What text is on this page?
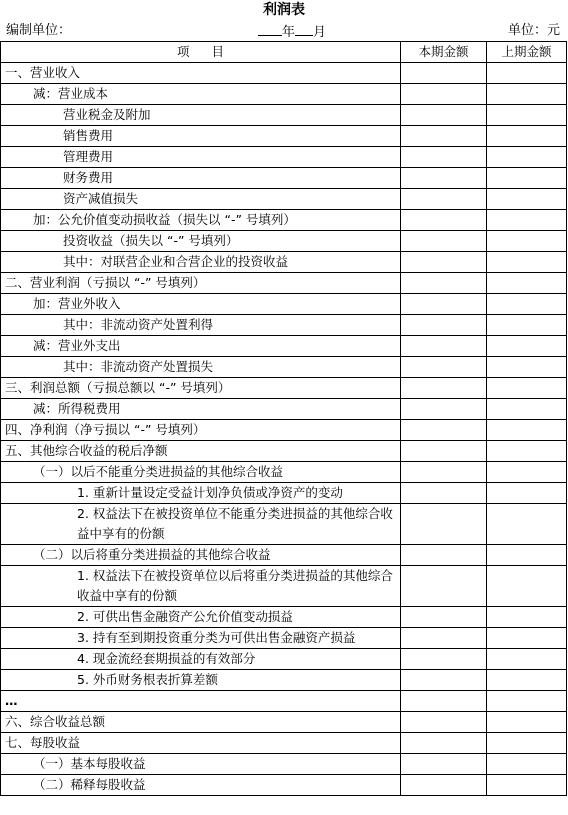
利润表
编制单位：	年 月	单位：元
项 目	本期金额	上期金额
一、营业收入		
减：营业成本		
营业税金及附加		
销售费用		
管理费用		
财务费用		
资产减值损失		
加：公允价值变动损收益（损失以 “-” 号填列）		
投资收益（损失以 “-” 号填列）		
其中：对联营企业和合营企业的投资收益		
二、营业利润（亏损以 “-” 号填列）		
加：营业外收入		
其中：非流动资产处置利得		
减：营业外支出		
其中：非流动资产处置损失		
三、利润总额（亏损总额以 “-” 号填列）		
减：所得税费用		
四、净利润（净亏损以 “-” 号填列）		
五、其他综合收益的税后净额		
（一）以后不能重分类进损益的其他综合收益		
1. 重新计量设定受益计划净负债或净资产的变动		
2. 权益法下在被投资单位不能重分类进损益的其他综合收益中享有的份额		
（二）以后将重分类进损益的其他综合收益		
1. 权益法下在被投资单位以后将重分类进损益的其他综合收益中享有的份额		
2. 可供出售金融资产公允价值变动损益		
3. 持有至到期投资重分类为可供出售金融资产损益		
4. 现金流经套期损益的有效部分		
5. 外币财务根表折算差额		
…		
六、综合收益总额		
七、每股收益		
（一）基本每股收益		
（二）稀释每股收益		
